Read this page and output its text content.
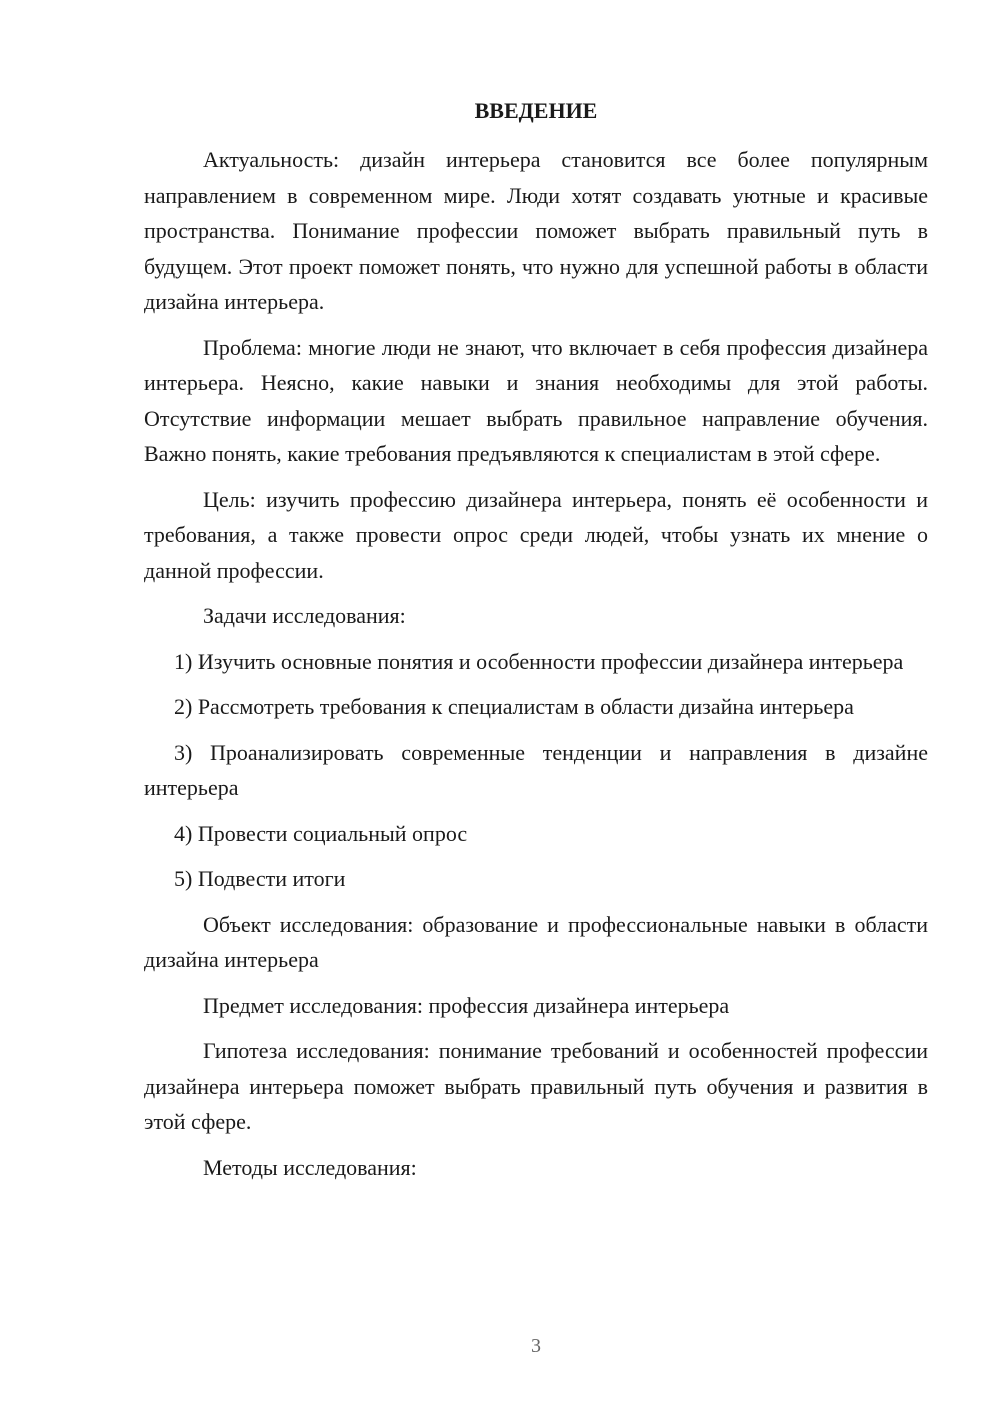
ВВЕДЕНИЕ

Актуальность: дизайн интерьера становится все более популярным направлением в современном мире. Люди хотят создавать уютные и красивые пространства. Понимание профессии поможет выбрать правильный путь в будущем. Этот проект поможет понять, что нужно для успешной работы в области дизайна интерьера.

Проблема: многие люди не знают, что включает в себя профессия дизайнера интерьера. Неясно, какие навыки и знания необходимы для этой работы. Отсутствие информации мешает выбрать правильное направление обучения. Важно понять, какие требования предъявляются к специалистам в этой сфере.

Цель: изучить профессию дизайнера интерьера, понять её особенности и требования, а также провести опрос среди людей, чтобы узнать их мнение о данной профессии.

Задачи исследования:

1) Изучить основные понятия и особенности профессии дизайнера интерьера

2) Рассмотреть требования к специалистам в области дизайна интерьера

3) Проанализировать современные тенденции и направления в дизайне интерьера

4) Провести социальный опрос

5) Подвести итоги

Объект исследования: образование и профессиональные навыки в области дизайна интерьера

Предмет исследования: профессия дизайнера интерьера

Гипотеза исследования: понимание требований и особенностей профессии дизайнера интерьера поможет выбрать правильный путь обучения и развития в этой сфере.

Методы исследования:

3
